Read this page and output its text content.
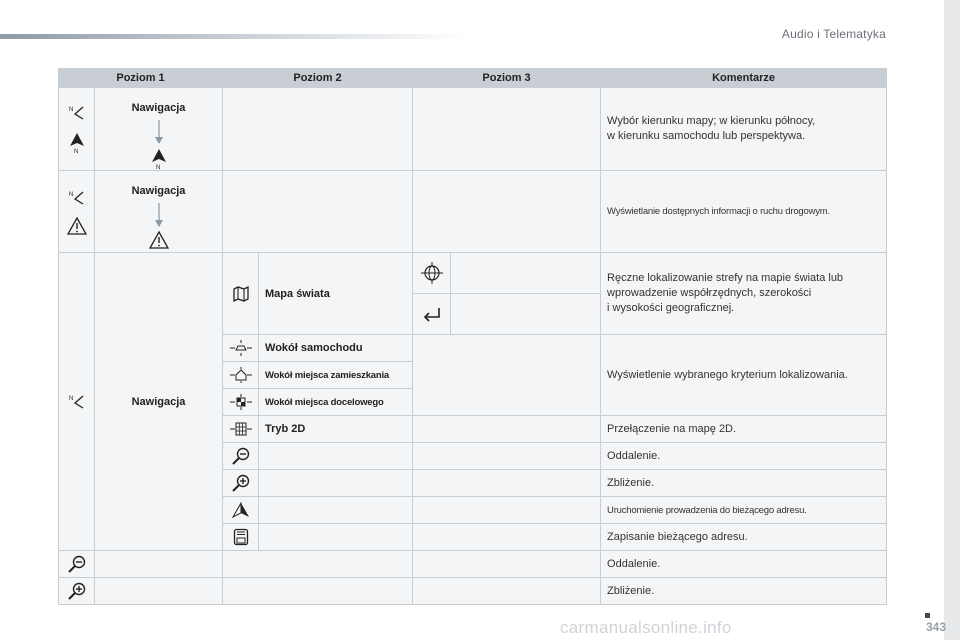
Audio i Telematyka
Poziom 1		Poziom 2		Poziom 3		Komentarze

N
N	Nawigacja
N					Wybór kierunku mapy; w kierunku północy,
w kierunku samochodu lub perspektywa.

N	Nawigacja					Wyświetlanie dostępnych informacji o ruchu drogowym.

N	Nawigacja		Mapa świata			Ręczne lokalizowanie strefy na mapie świata lub wprowadzenie współrzędnych, szerokości
i wysokości geograficznej.

	Wokół samochodu			Wyświetlenie wybranego kryterium lokalizowania.
	Wokół miejsca zamieszkania			
	Wokół miejsca docelowego			
	Tryb 2D			Przełączenie na mapę 2D.
			Oddalenie.
			Zbliżenie.
			Uruchomienie prowadzenia do bieżącego adresu.
			Zapisanie bieżącego adresu.
				Oddalenie.
				Zbliżenie.
343
carmanualsonline.info
